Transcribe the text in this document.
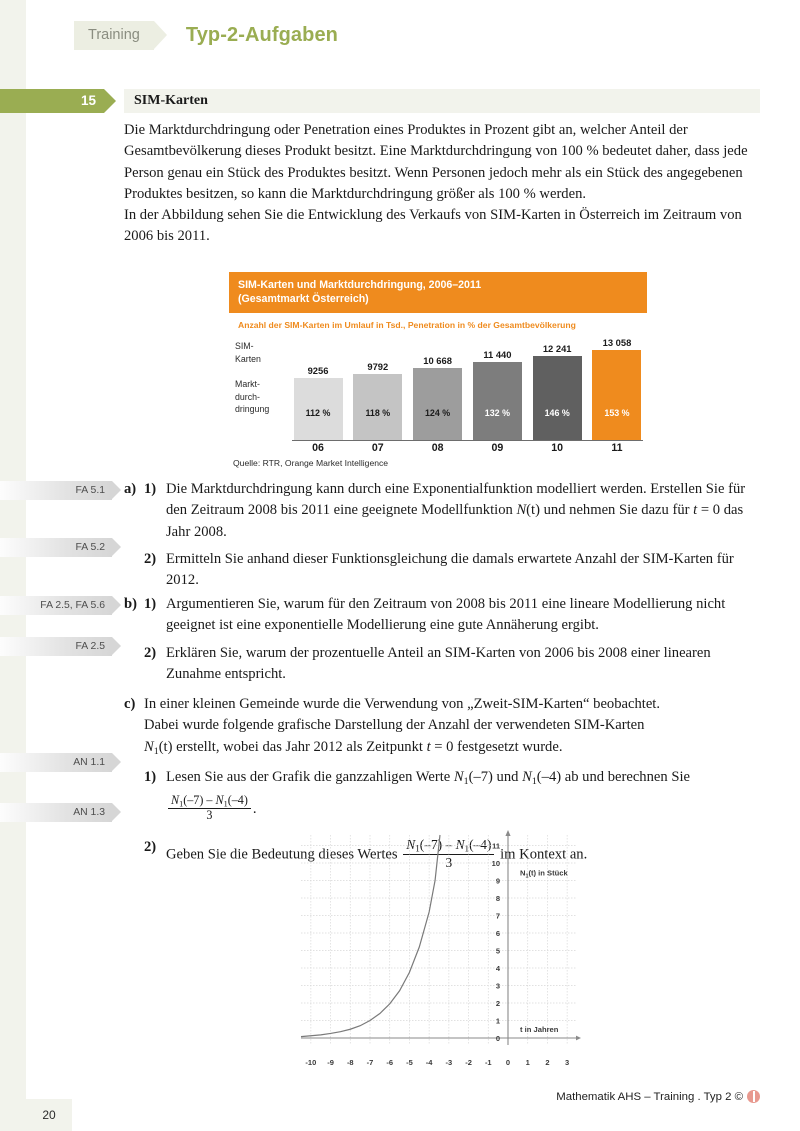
Training	Typ-2-Aufgaben
15	SIM-Karten

Die Marktdurchdringung oder Penetration eines Produktes in Prozent gibt an, welcher Anteil der Gesamtbevölkerung dieses Produkt besitzt. Eine Marktdurchdringung von 100 % bedeutet daher, dass jede Person genau ein Stück des Produktes besitzt. Wenn Personen jedoch mehr als ein Stück des angegebenen Produktes besitzen, so kann die Marktdurchdringung größer als 100 % werden.

In der Abbildung sehen Sie die Entwicklung des Verkaufs von SIM-Karten in Österreich im Zeitraum von 2006 bis 2011.

SIM-Karten und Marktdurchdringung, 2006–2011
(Gesamtmarkt Österreich)
Anzahl der SIM-Karten im Umlauf in Tsd., Penetration in % der Gesamtbevölkerung
SIM-
Karten
Markt-
durch-
dringung
9256
112 %
9792
118 %
10 668
124 %
11 440
132 %
12 241
146 %
13 058
153 %
06	07	08	09	10	11
Quelle: RTR, Orange Market Intelligence
FA 5.1
FA 5.2
a) 1) Die Marktdurchdringung kann durch eine Exponentialfunktion modelliert werden. Erstellen Sie für den Zeitraum 2008 bis 2011 eine geeignete Modellfunktion N(t) und nehmen Sie dazu für t = 0 das Jahr 2008.
2) Ermitteln Sie anhand dieser Funktionsgleichung die damals erwartete Anzahl der SIM-Karten für 2012.
FA 2.5, FA 5.6
FA 2.5
b) 1) Argumentieren Sie, warum für den Zeitraum von 2008 bis 2011 eine lineare Modellierung nicht geeignet ist eine exponentielle Modellierung eine gute Annäherung ergibt.
2) Erklären Sie, warum der prozentuelle Anteil an SIM-Karten von 2006 bis 2008 einer linearen Zunahme entspricht.
AN 1.1
AN 1.3
c) In einer kleinen Gemeinde wurde die Verwendung von „Zweit-SIM-Karten“ beobachtet.
Dabei wurde folgende grafische Darstellung der Anzahl der verwendeten SIM-Karten
$N_1(t)$ erstellt, wobei das Jahr 2012 als Zeitpunkt t = 0 festgesetzt wurde.
1) Lesen Sie aus der Grafik die ganzzahligen Werte $N_1(-7)$ und $N_1(-4)$ ab und berechnen Sie
$\frac{N_1(-7) - N_1(-4)}{3}$ .
2) Geben Sie die Bedeutung dieses Wertes $\frac{N_1(-7) - N_1(-4)}{3}$ im Kontext an.
-10 -9 -8 -7 -6 -5 -4 -3 -2 -1 0 1 2 3
0
1
2
3
4
5
6
7
8
9
10
11
t in Jahren
$N_1(t)$ in Stück
Mathematik AHS – Training . Typ 2 ©
20
